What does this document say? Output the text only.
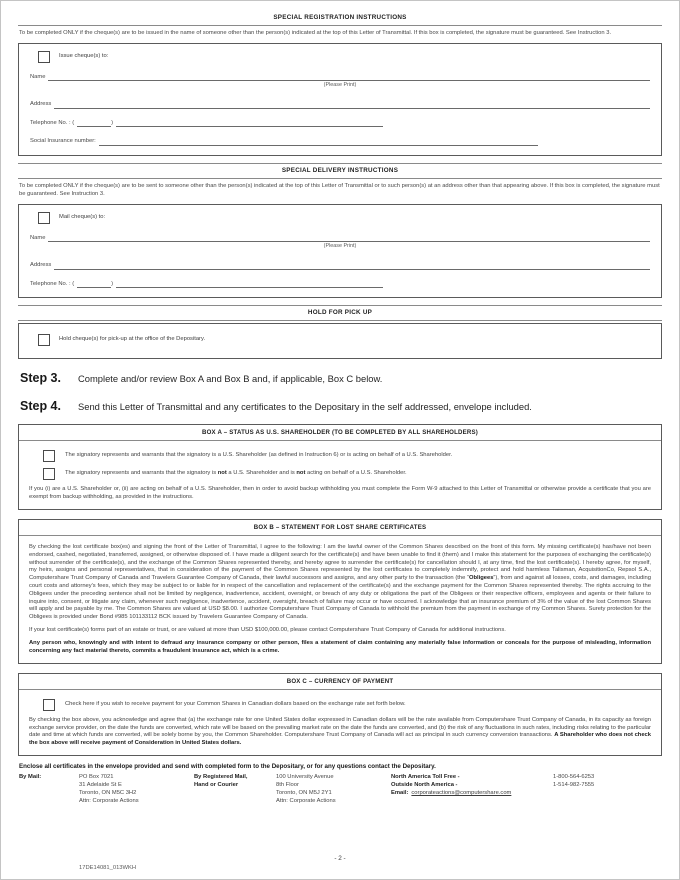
SPECIAL REGISTRATION INSTRUCTIONS

To be completed ONLY if the cheque(s) are to be issued in the name of someone other than the person(s) indicated at the top of this Letter of Transmittal. If this box is completed, the signature must be guaranteed. See Instruction 3.

Issue cheque(s) to:
Name
(Please Print)
Address
Telephone No. : (	)
Social Insurance number:
SPECIAL DELIVERY INSTRUCTIONS

To be completed ONLY if the cheque(s) are to be sent to someone other than the person(s) indicated at the top of this Letter of Transmittal or to such person(s) at an address other than that appearing above. If this box is completed, the signature must be guaranteed. See Instruction 3.

Mail cheque(s) to:
Name
(Please Print)
Address
Telephone No. : (	)
HOLD FOR PICK UP
Hold cheque(s) for pick-up at the office of the Depositary.
Step 3.	Complete and/or review Box A and Box B and, if applicable, Box C below.
Step 4.	Send this Letter of Transmittal and any certificates to the Depositary in the self addressed, envelope included.
BOX A – STATUS AS U.S. SHAREHOLDER (TO BE COMPLETED BY ALL SHAREHOLDERS)
The signatory represents and warrants that the signatory is a U.S. Shareholder (as defined in Instruction 6) or is acting on behalf of a U.S. Shareholder.
The signatory represents and warrants that the signatory is not a U.S. Shareholder and is not acting on behalf of a U.S. Shareholder.

If you (i) are a U.S. Shareholder or, (ii) are acting on behalf of a U.S. Shareholder, then in order to avoid backup withholding you must complete the Form W-9 attached to this Letter of Transmittal or otherwise provide a certificate that you are exempt from backup withholding, as provided in the instructions.

BOX B – STATEMENT FOR LOST SHARE CERTIFICATES

By checking the lost certificate box(es) and signing the front of the Letter of Transmittal, I agree to the following: I am the lawful owner of the Common Shares described on the front of this form. My missing certificate(s) has/have not been endorsed, cashed, negotiated, transferred, assigned, or otherwise disposed of. I have made a diligent search for the certificate(s) and have been unable to find it (them) and I make this statement for the purposes of exchanging the certificate(s) without surrender of the certificate(s), and the exchange of the Common Shares represented thereby, and hereby agree to surrender the certificate(s) for cancellation should I, at any time, find the lost certificate(s). I hereby agree, for myself, my heirs, assigns and personal representatives, that in consideration of the payment of the Common Shares represented by the lost certificates to completely indemnify, protect and hold harmless Talisman, AcquisitionCo, Repsol S.A., Computershare Trust Company of Canada and Travelers Guarantee Company of Canada, their lawful successors and assigns, and any other party to the transaction (the “Obligees”), from and against all losses, costs, and damages, including court costs and attorney's fees, which they may be subject to or liable for in respect of the cancellation and replacement of the certificate(s) and the exchange payment for the Common Shares represented thereby. The rights accruing to the Obligees under the preceding sentence shall not be limited by negligence, inadvertence, accident, oversight, or breach of any duty or obligations the part of the Obligees or their respective officers, employees and agents or their failure to inquire into, consent, or litigate any claim, whenever such negligence, inadvertence, accident, oversight, breach of failure may occur or have occurred. I acknowledge that an insurance premium of 3% of the value of the lost Common Shares will apply and be payable by me. The Common Shares are valued at USD $8.00. I authorize Computershare Trust Company of Canada to withhold the premium from the payment in exchange of my Common Shares. Surety protection for the Obligees is provided under Bond #985 101133112 BCK issued by Travelers Guarantee Company of Canada.

If your lost certificate(s) forms part of an estate or trust, or are valued at more than USD $100,000.00, please contact Computershare Trust Company of Canada for additional instructions.

Any person who, knowingly and with intent to defraud any insurance company or other person, files a statement of claim containing any materially false information or conceals for the purpose of misleading, information concerning any fact material thereto, commits a fraudulent insurance act, which is a crime.

BOX C – CURRENCY OF PAYMENT
Check here if you wish to receive payment for your Common Shares in Canadian dollars based on the exchange rate set forth below.

By checking the box above, you acknowledge and agree that (a) the exchange rate for one United States dollar expressed in Canadian dollars will be the rate available from Computershare Trust Company of Canada, in its capacity as foreign exchange service provider, on the date the funds are converted, which rate will be based on the prevailing market rate on the date the funds are converted, and (b) the risk of any fluctuations in such rates, including risks relating to the particular date and time at which funds are converted, will be solely borne by you, the Common Shareholder. Computershare Trust Company of Canada will act as principal in such currency conversion transactions. A Shareholder who does not check the box above will receive payment of Consideration in United States dollars.

Enclose all certificates in the envelope provided and send with completed form to the Depositary, or for any questions contact the Depositary.

By Mail:	PO Box 7021
31 Adelaide St E
Toronto, ON M5C 3H2
Attn: Corporate Actions
By Registered Mail,
Hand or Courier
100 University Avenue
8th Floor
Toronto, ON M5J 2Y1
Attn: Corporate Actions
North America Toll Free -	1-800-564-6253
Outside North America -	1-514-982-7555
Email: corporateactions@computershare.com
17DE14081_013WKH
- 2 -
